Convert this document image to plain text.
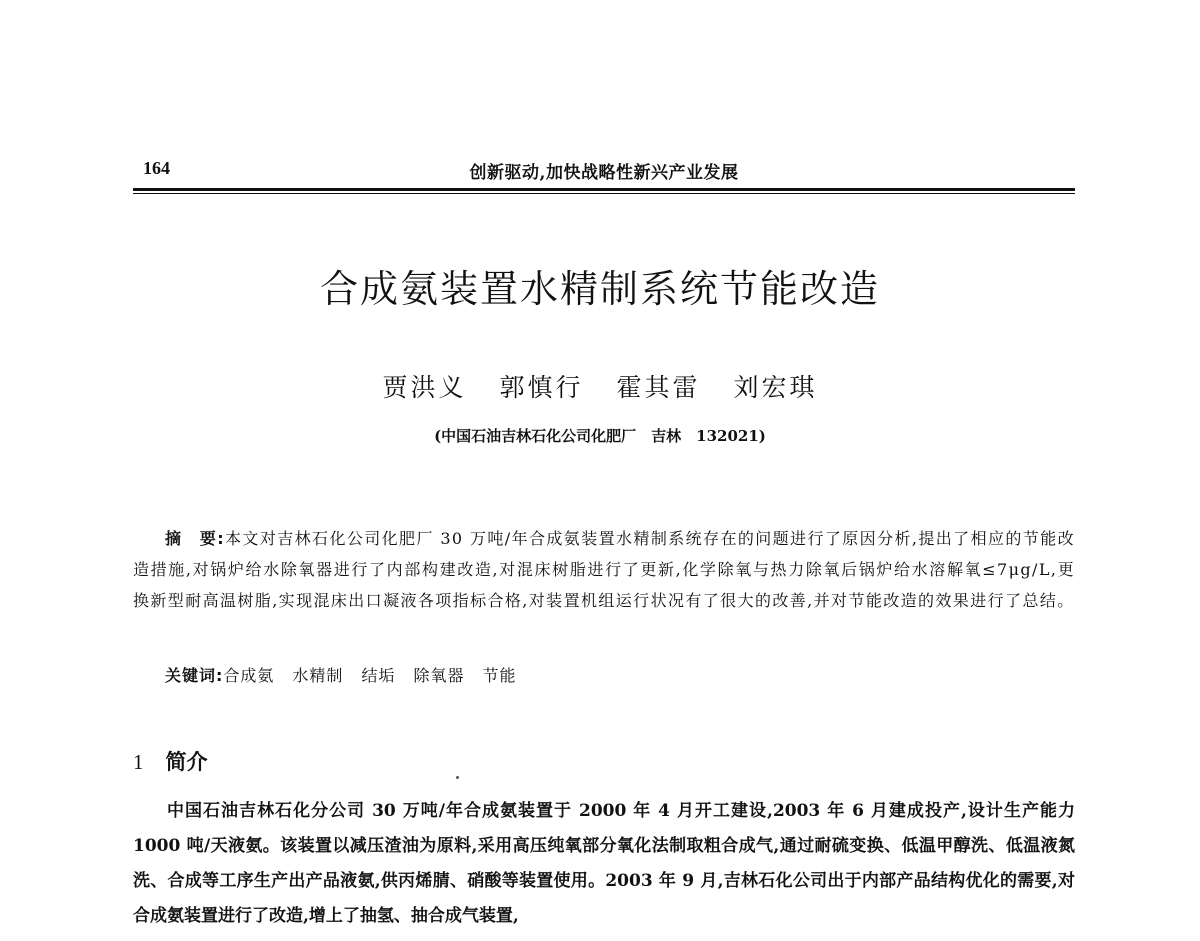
164	创新驱动,加快战略性新兴产业发展
合成氨装置水精制系统节能改造
贾洪义 郭慎行 霍其雷 刘宏琪
(中国石油吉林石化公司化肥厂　吉林　132021)
摘　要:本文对吉林石化公司化肥厂 30 万吨/年合成氨装置水精制系统存在的问题进行了原因分析,提出了相应的节能改造措施,对锅炉给水除氧器进行了内部构建改造,对混床树脂进行了更新,化学除氧与热力除氧后锅炉给水溶解氧≤7μg/L,更换新型耐高温树脂,实现混床出口凝液各项指标合格,对装置机组运行状况有了很大的改善,并对节能改造的效果进行了总结。
关键词:合成氨 水精制 结垢 除氧器 节能
1 简介
中国石油吉林石化分公司 30 万吨/年合成氨装置于 2000 年 4 月开工建设,2003 年 6 月建成投产,设计生产能力 1000 吨/天液氨。该装置以减压渣油为原料,采用高压纯氧部分氧化法制取粗合成气,通过耐硫变换、低温甲醇洗、低温液氮洗、合成等工序生产出产品液氨,供丙烯腈、硝酸等装置使用。2003 年 9 月,吉林石化公司出于内部产品结构优化的需要,对合成氨装置进行了改造,增上了抽氢、抽合成气装置,
